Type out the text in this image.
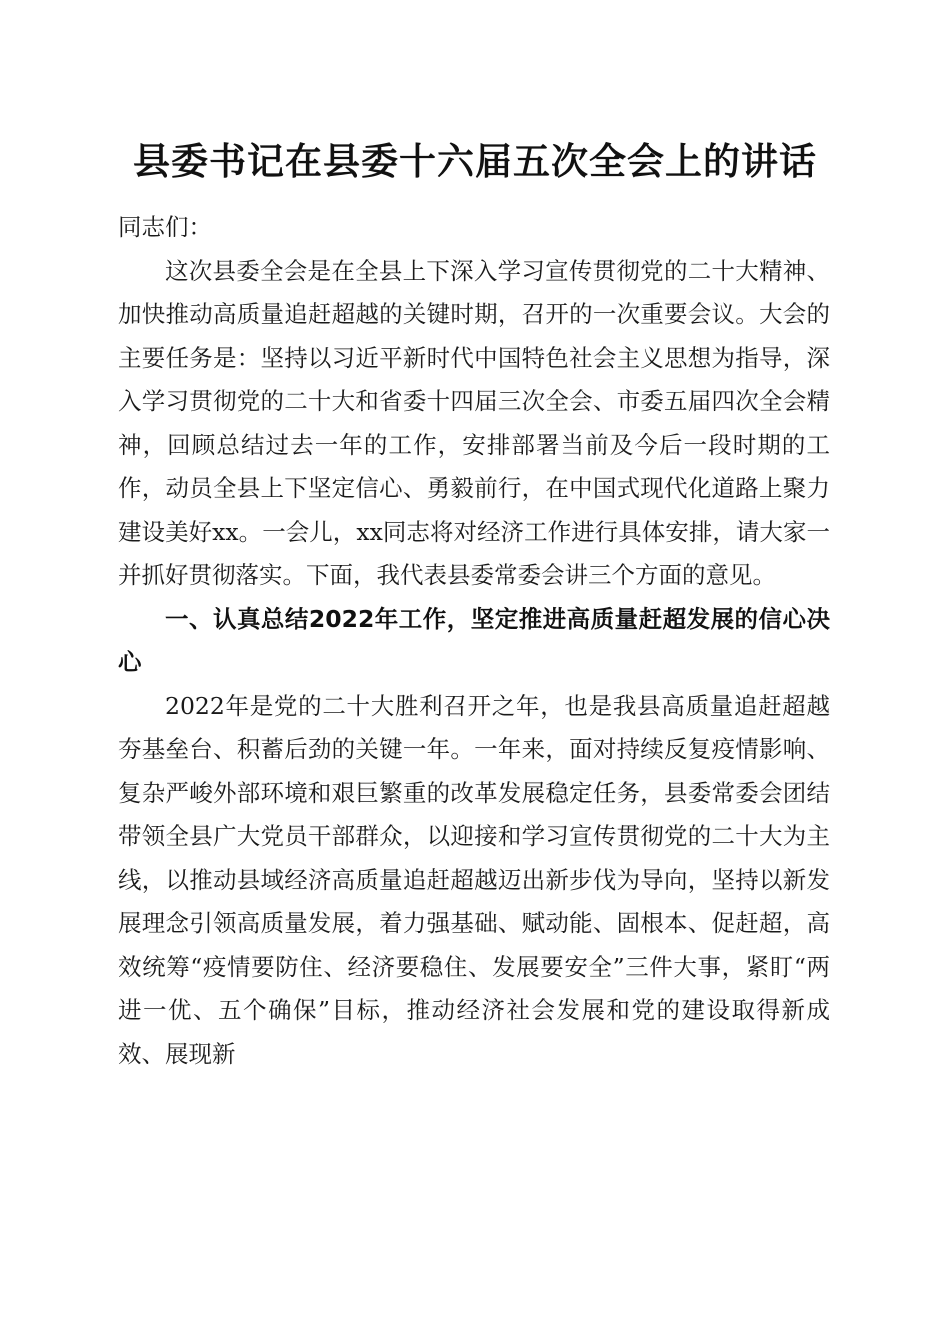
县委书记在县委十六届五次全会上的讲话

同志们：

这次县委全会是在全县上下深入学习宣传贯彻党的二十大精神、加快推动高质量追赶超越的关键时期，召开的一次重要会议。大会的主要任务是：坚持以习近平新时代中国特色社会主义思想为指导，深入学习贯彻党的二十大和省委十四届三次全会、市委五届四次全会精神，回顾总结过去一年的工作，安排部署当前及今后一段时期的工作，动员全县上下坚定信心、勇毅前行，在中国式现代化道路上聚力建设美好xx。一会儿，xx同志将对经济工作进行具体安排，请大家一并抓好贯彻落实。下面，我代表县委常委会讲三个方面的意见。

一、认真总结2022年工作，坚定推进高质量赶超发展的信心决心

2022年是党的二十大胜利召开之年，也是我县高质量追赶超越夯基垒台、积蓄后劲的关键一年。一年来，面对持续反复疫情影响、复杂严峻外部环境和艰巨繁重的改革发展稳定任务，县委常委会团结带领全县广大党员干部群众，以迎接和学习宣传贯彻党的二十大为主线，以推动县域经济高质量追赶超越迈出新步伐为导向，坚持以新发展理念引领高质量发展，着力强基础、赋动能、固根本、促赶超，高效统筹“疫情要防住、经济要稳住、发展要安全”三件大事，紧盯“两进一优、五个确保”目标，推动经济社会发展和党的建设取得新成效、展现新
